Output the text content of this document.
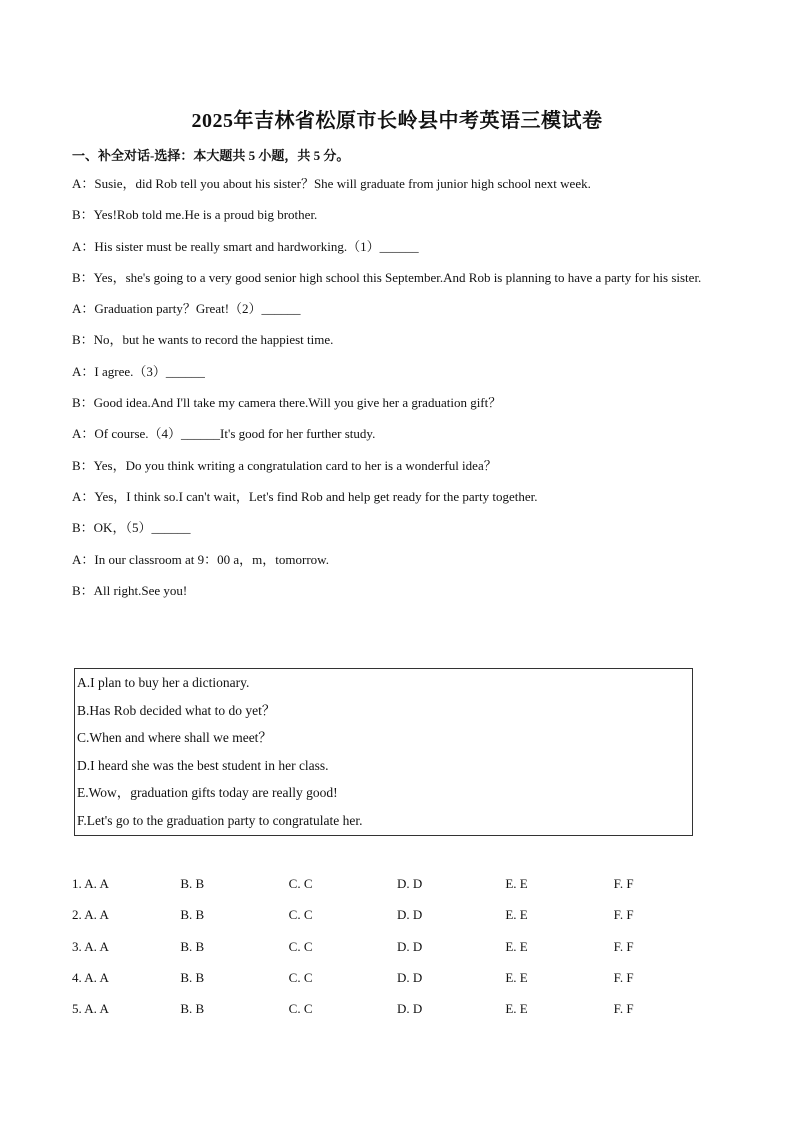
2025年吉林省松原市长岭县中考英语三模试卷
一、补全对话-选择：本大题共 5 小题，共 5 分。
A：Susie，did Rob tell you about his sister？She will graduate from junior high school next week.
B：Yes!Rob told me.He is a proud big brother.
A：His sister must be really smart and hardworking.（1）______
B：Yes，she's going to a very good senior high school this September.And Rob is planning to have a party for his sister.
A：Graduation party？Great!（2）______
B：No，but he wants to record the happiest time.
A：I agree.（3）______
B：Good idea.And I'll take my camera there.Will you give her a graduation gift？
A：Of course.（4）______It's good for her further study.
B：Yes，Do you think writing a congratulation card to her is a wonderful idea？
A：Yes，I think so.I can't wait，Let's find Rob and help get ready for the party together.
B：OK，（5）______
A：In our classroom at 9：00 a，m，tomorrow.
B：All right.See you!
A.I plan to buy her a dictionary.
B.Has Rob decided what to do yet？
C.When and where shall we meet？
D.I heard she was the best student in her class.
E.Wow，graduation gifts today are really good!
F.Let's go to the graduation party to congratulate her.
1. A. A	B. B	C. C	D. D	E. E	F. F
2. A. A	B. B	C. C	D. D	E. E	F. F
3. A. A	B. B	C. C	D. D	E. E	F. F
4. A. A	B. B	C. C	D. D	E. E	F. F
5. A. A	B. B	C. C	D. D	E. E	F. F
